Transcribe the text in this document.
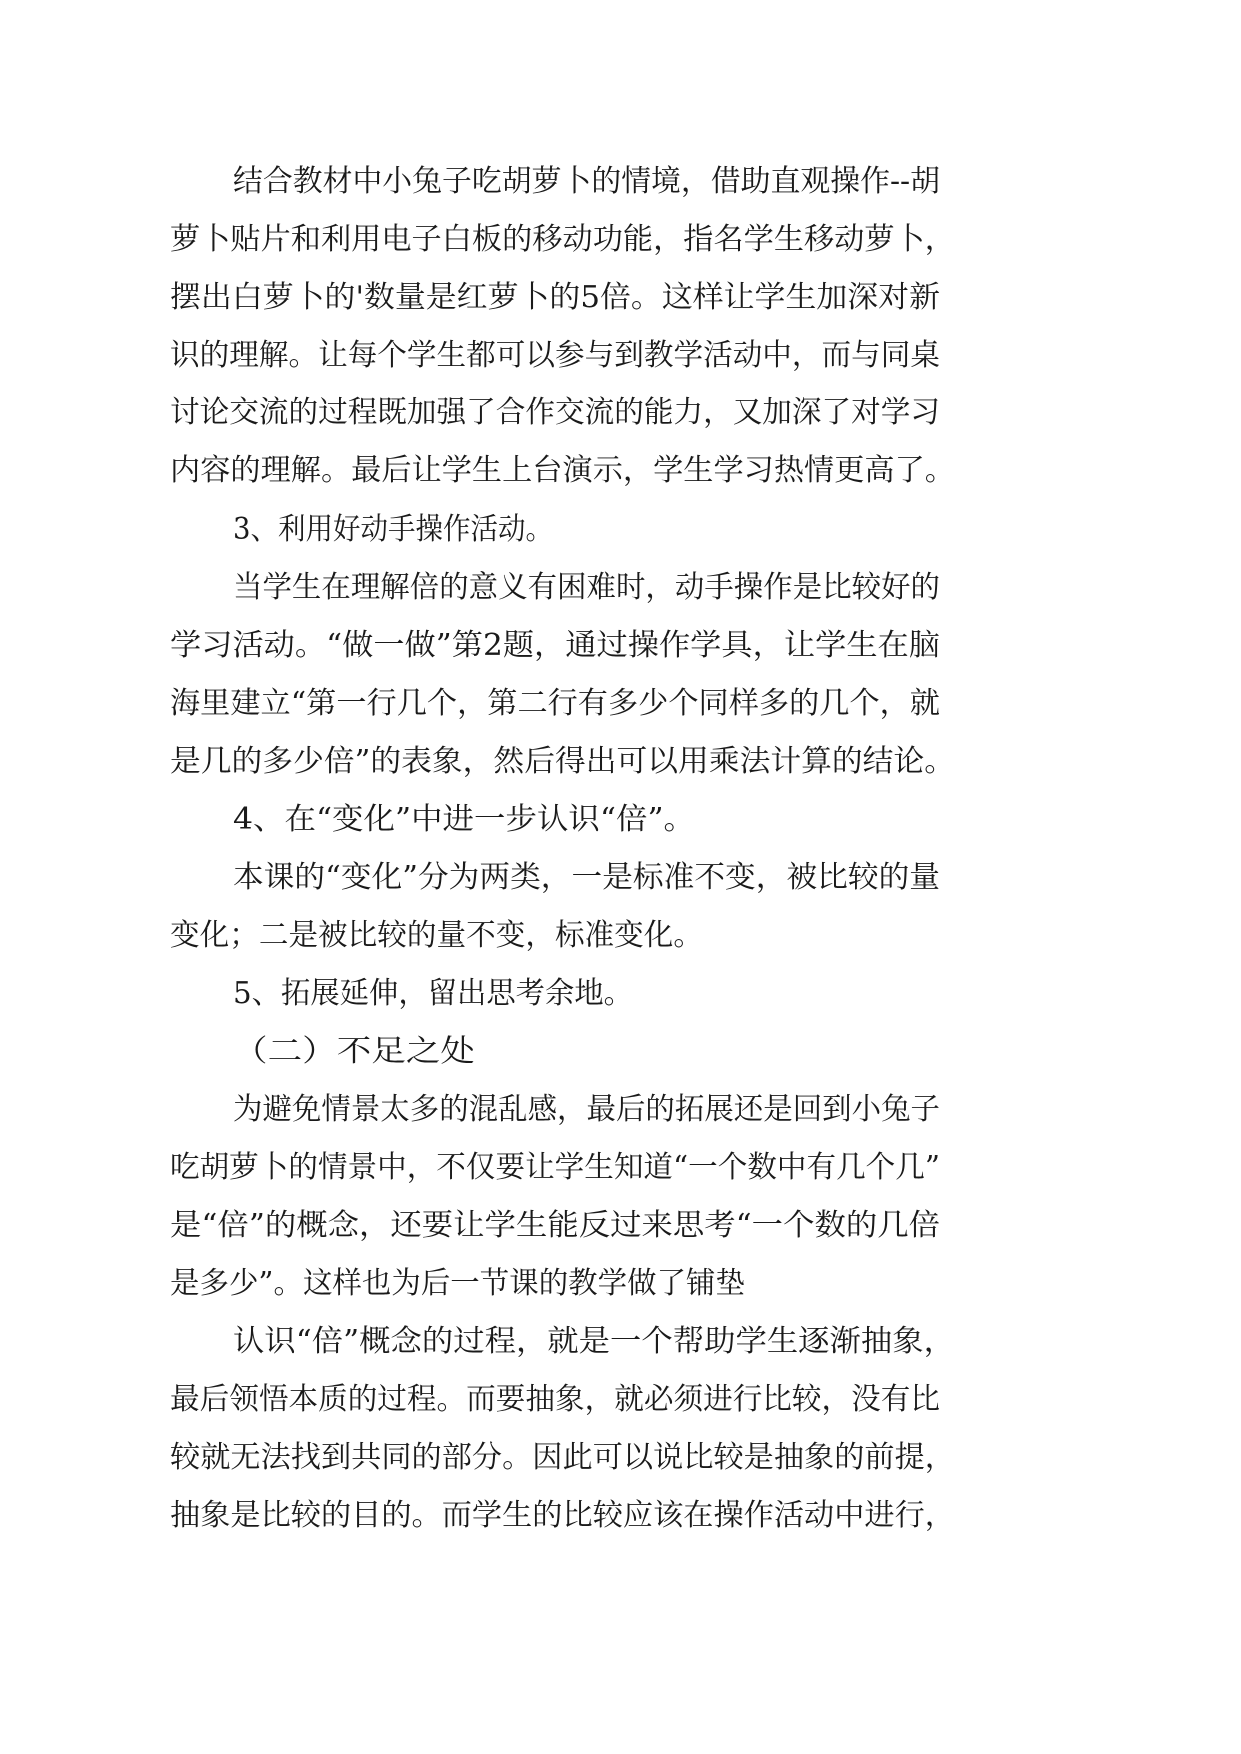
结合教材中小兔子吃胡萝卜的情境，借助直观操作--胡
萝卜贴片和利用电子白板的移动功能，指名学生移动萝卜，
摆出白萝卜的'数量是红萝卜的5倍。这样让学生加深对新
识的理解。让每个学生都可以参与到教学活动中，而与同桌
讨论交流的过程既加强了合作交流的能力，又加深了对学习
内容的理解。最后让学生上台演示，学生学习热情更高了。
3、利用好动手操作活动。
当学生在理解倍的意义有困难时，动手操作是比较好的
学习活动。“做一做”第2题，通过操作学具，让学生在脑
海里建立“第一行几个，第二行有多少个同样多的几个，就
是几的多少倍”的表象，然后得出可以用乘法计算的结论。
4、在“变化”中进一步认识“倍”。
本课的“变化”分为两类，一是标准不变，被比较的量
变化；二是被比较的量不变，标准变化。
5、拓展延伸，留出思考余地。
（二）不足之处
为避免情景太多的混乱感，最后的拓展还是回到小兔子
吃胡萝卜的情景中，不仅要让学生知道“一个数中有几个几”
是“倍”的概念，还要让学生能反过来思考“一个数的几倍
是多少”。这样也为后一节课的教学做了铺垫
认识“倍”概念的过程，就是一个帮助学生逐渐抽象，
最后领悟本质的过程。而要抽象，就必须进行比较，没有比
较就无法找到共同的部分。因此可以说比较是抽象的前提，
抽象是比较的目的。而学生的比较应该在操作活动中进行，
